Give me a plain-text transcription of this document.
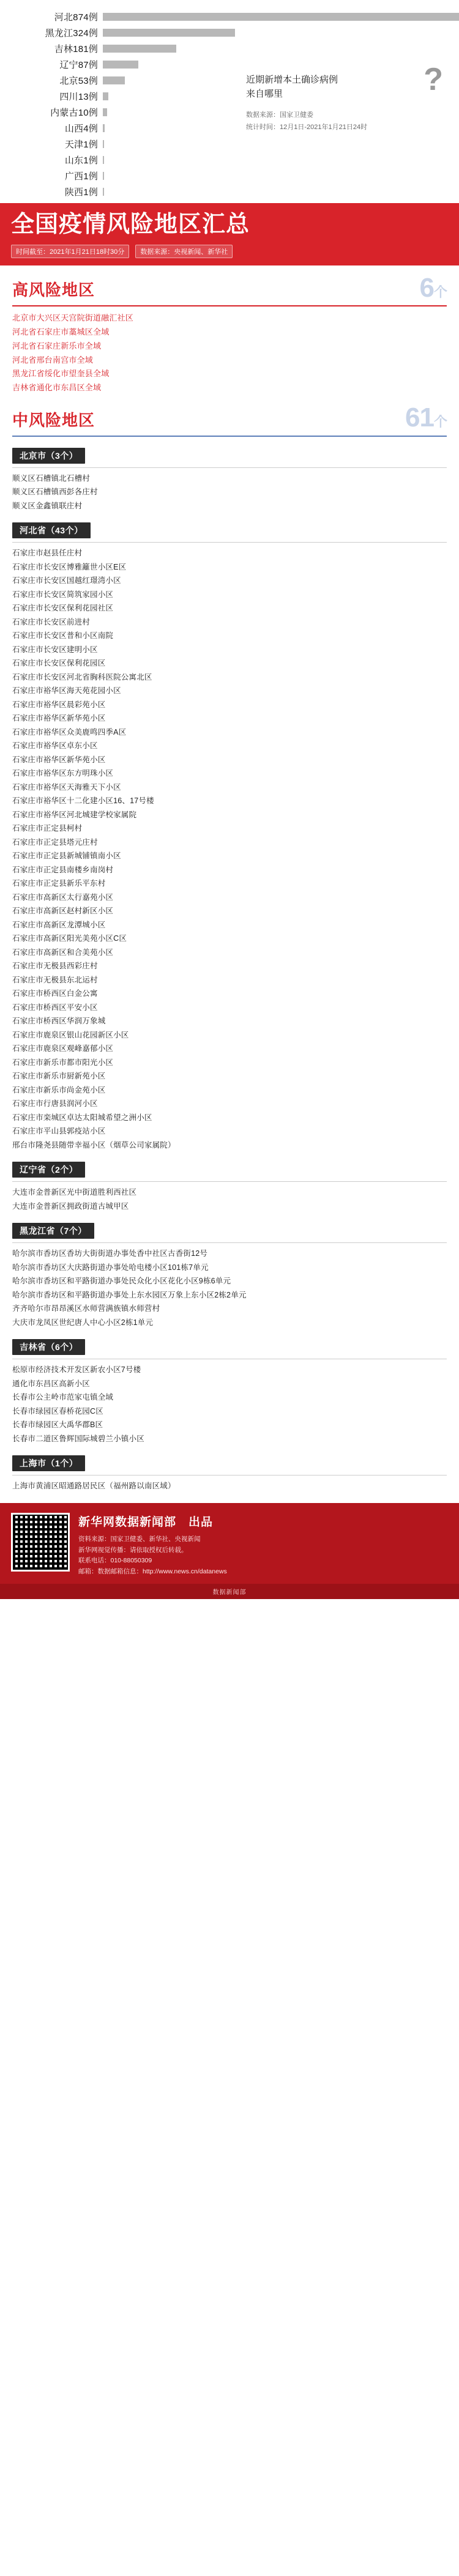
河北874例
黑龙江324例
吉林181例
辽宁87例
北京53例
四川13例
内蒙古10例
山西4例
天津1例
山东1例
广西1例
陕西1例
?
近期新增本土确诊病例
来自哪里
数据来源：国家卫健委
统计时间：12月1日-2021年1月21日24时
全国疫情风险地区汇总
时间截至：2021年1月21日18时30分	数据来源：央视新闻、新华社
高风险地区	6个
北京市大兴区天宫院街道融汇社区
河北省石家庄市藁城区全域
河北省石家庄新乐市全域
河北省邢台南宫市全域
黑龙江省绥化市望奎县全域
吉林省通化市东昌区全域
中风险地区	61个
北京市（3个）
顺义区石槽镇北石槽村
顺义区石槽镇西彭各庄村
顺义区金鑫镇联庄村
河北省（43个）
石家庄市赵县任庄村
石家庄市长安区博雅籬世小区E区
石家庄市长安区国越红璟湾小区
石家庄市长安区简筑家园小区
石家庄市长安区保利花园社区
石家庄市长安区前进村
石家庄市长安区普和小区南院
石家庄市长安区建明小区
石家庄市长安区保利花园区
石家庄市长安区河北省胸科医院公寓北区
石家庄市裕华区海天苑花园小区
石家庄市裕华区晨彩苑小区
石家庄市裕华区新华苑小区
石家庄市裕华区众美鹿鸣四季A区
石家庄市裕华区卓东小区
石家庄市裕华区新华苑小区
石家庄市裕华区东方明珠小区
石家庄市裕华区天海雅天下小区
石家庄市裕华区十二化建小区16、17号楼
石家庄市裕华区河北城建学校家属院
石家庄市正定县柯村
石家庄市正定县塔元庄村
石家庄市正定县新城铺镇南小区
石家庄市正定县南楼乡南岗村
石家庄市正定县新乐平东村
石家庄市高新区太行嘉苑小区
石家庄市高新区赵村新区小区
石家庄市高新区龙潭城小区
石家庄市高新区阳光美苑小区C区
石家庄市高新区和合美苑小区
石家庄市无极县西彩庄村
石家庄市无极县东北运村
石家庄市桥西区白金公寓
石家庄市桥西区平安小区
石家庄市桥西区华润万象城
石家庄市鹿泉区银山花园新区小区
石家庄市鹿泉区观峰嘉郁小区
石家庄市新乐市都市阳光小区
石家庄市新乐市厨新苑小区
石家庄市新乐市尚金苑小区
石家庄市行唐县润河小区
石家庄市栾城区卓达太阳城希望之洲小区
石家庄市平山县郭疫站小区
邢台市隆尧县随带幸福小区（烟草公司家属院）
辽宁省（2个）
大连市金普新区光中街道胜利西社区
大连市金普新区拥政街道古城甲区
黑龙江省（7个）
哈尔滨市香坊区香坊大街街道办事处香中社区古香街12号
哈尔滨市香坊区大庆路街道办事处哈电楼小区101栋7单元
哈尔滨市香坊区和平路街道办事处民众化小区花化小区9栋6单元
哈尔滨市香坊区和平路街道办事处上东水园区万象上东小区2栋2单元
齐齐哈尔市昂昂溪区水师营满族镇水师营村
大庆市龙凤区世纪唐人中心小区2栋1单元
吉林省（6个）
松原市经济技术开发区新农小区7号楼
通化市东昌区高新小区
长春市公主岭市范家屯镇全域
长春市绿园区春桥花园C区
长春市绿园区大禹华郡B区
长春市二道区鲁辉国际城碧兰小镇小区
上海市（1个）
上海市黄浦区昭通路居民区（福州路以南区域）
新华网数据新闻部　出品
资料来源：国家卫健委、新华社、央视新闻
新华网视觉传播：请依取授权后转载。
联系电话：010-88050309
邮箱：数据邮箱信息：http://www.news.cn/datanews
数据新闻部
